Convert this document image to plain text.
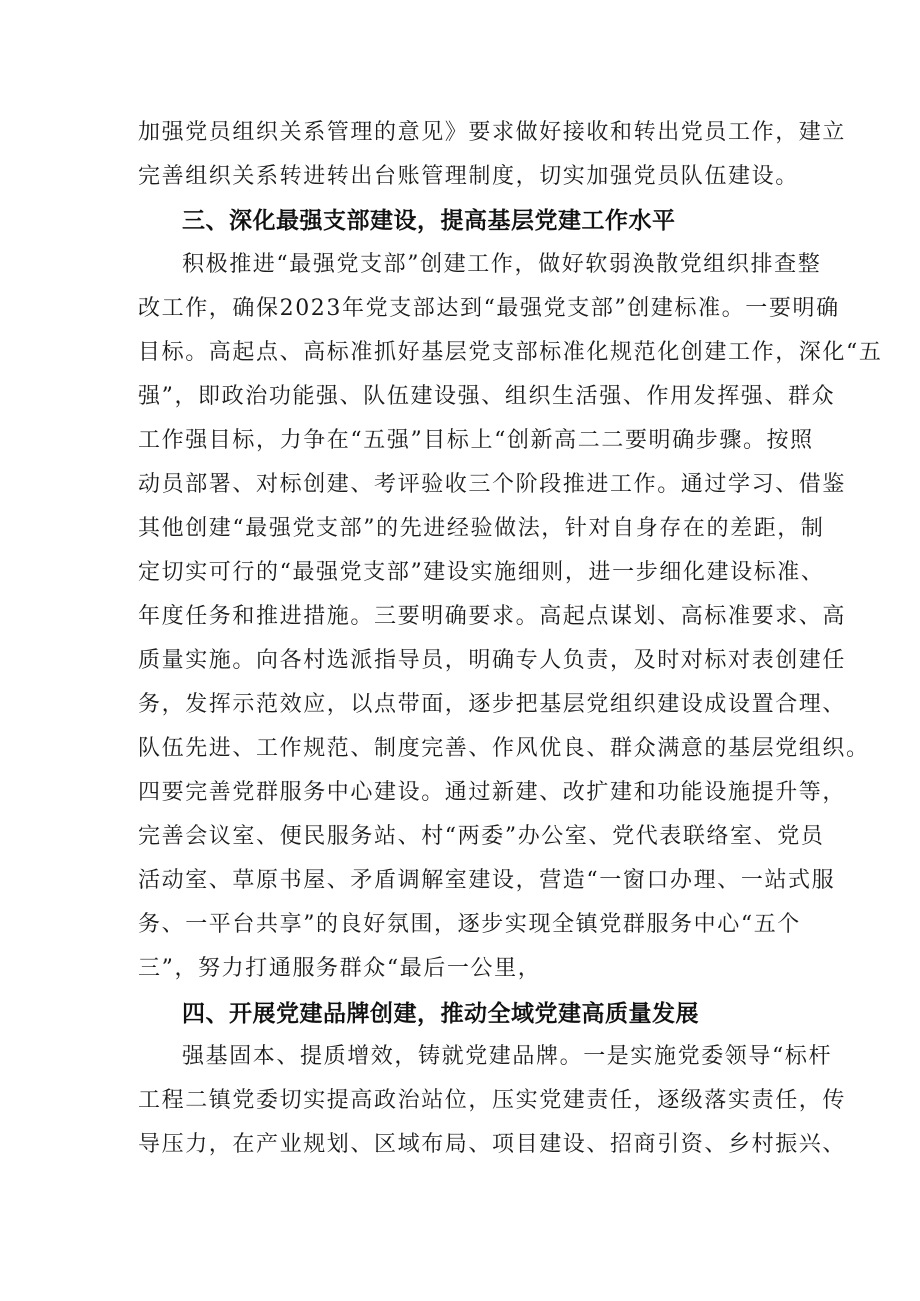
加强党员组织关系管理的意见》要求做好接收和转出党员工作，建立

完善组织关系转进转出台账管理制度，切实加强党员队伍建设。

三、深化最强支部建设，提高基层党建工作水平

积极推进“最强党支部”创建工作，做好软弱涣散党组织排查整

改工作，确保2023年党支部达到“最强党支部”创建标准。一要明确

目标。高起点、高标准抓好基层党支部标准化规范化创建工作，深化“五

强”，即政治功能强、队伍建设强、组织生活强、作用发挥强、群众

工作强目标，力争在“五强”目标上“创新高二二要明确步骤。按照

动员部署、对标创建、考评验收三个阶段推进工作。通过学习、借鉴

其他创建“最强党支部”的先进经验做法，针对自身存在的差距，制

定切实可行的“最强党支部”建设实施细则，进一步细化建设标准、

年度任务和推进措施。三要明确要求。高起点谋划、高标准要求、高

质量实施。向各村选派指导员，明确专人负责，及时对标对表创建任

务，发挥示范效应，以点带面，逐步把基层党组织建设成设置合理、

队伍先进、工作规范、制度完善、作风优良、群众满意的基层党组织。

四要完善党群服务中心建设。通过新建、改扩建和功能设施提升等，

完善会议室、便民服务站、村“两委”办公室、党代表联络室、党员

活动室、草原书屋、矛盾调解室建设，营造“一窗口办理、一站式服

务、一平台共享”的良好氛围，逐步实现全镇党群服务中心“五个

三”，努力打通服务群众“最后一公里，

四、开展党建品牌创建，推动全域党建高质量发展

强基固本、提质增效，铸就党建品牌。一是实施党委领导“标杆

工程二镇党委切实提高政治站位，压实党建责任，逐级落实责任，传

导压力，在产业规划、区域布局、项目建设、招商引资、乡村振兴、
